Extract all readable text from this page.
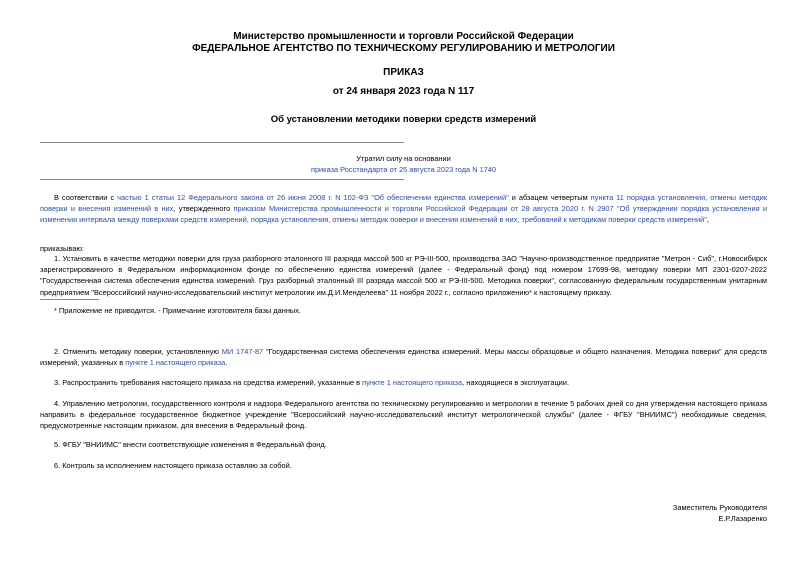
Министерство промышленности и торговли Российской Федерации
ФЕДЕРАЛЬНОЕ АГЕНТСТВО ПО ТЕХНИЧЕСКОМУ РЕГУЛИРОВАНИЮ И МЕТРОЛОГИИ
ПРИКАЗ
от 24 января 2023 года N 117
Об установлении методики поверки средств измерений
Утратил силу на основании
приказа Росстандарта от 25 августа 2023 года N 1740

В соответствии с частью 1 статьи 12 Федерального закона от 26 июня 2008 г. N 102-ФЗ "Об обеспечении единства измерений" и абзацем четвертым пункта 11 порядка установления, отмены методик поверки и внесения изменений в них, утвержденного приказом Министерства промышленности и торговли Российской Федерации от 28 августа 2020 г. N 2907 "Об утверждении порядка установления и изменения интервала между поверками средств измерений, порядка установления, отмены методик поверки и внесения изменений в них, требований к методикам поверки средств измерений",

приказываю:

1. Установить в качестве методики поверки для груза разборного эталонного III разряда массой 500 кг РЭ-III-500, производства ЗАО "Научно-производственное предприятие "Метрон - Сиб", г.Новосибирск зарегистрированного в Федеральном информационном фонде по обеспечению единства измерений (далее - Федеральный фонд) под номером 17699-98, методику поверки МП 2301-0207-2022 "Государственная система обеспечения единства измерений. Груз разборный эталонный III разряда массой 500 кг РЭ-III-500. Методика поверки", согласованную федеральным государственным унитарным предприятием "Всероссийский научно-исследовательский институт метрологии им.Д.И.Менделеева" 11 ноября 2022 г., согласно приложению* к настоящему приказу.

* Приложение не приводится. - Примечание изготовителя базы данных.

2. Отменить методику поверки, установленную МИ 1747-87 "Государственная система обеспечения единства измерений. Меры массы образцовые и общего назначения. Методика поверки" для средств измерений, указанных в пункте 1 настоящего приказа.

3. Распространить требования настоящего приказа на средства измерений, указанные в пункте 1 настоящего приказа, находящиеся в эксплуатации.

4. Управлению метрологии, государственного контроля и надзора Федерального агентства по техническому регулированию и метрологии в течение 5 рабочих дней со дня утверждения настоящего приказа направить в федеральное государственное бюджетное учреждение "Всероссийский научно-исследовательский институт метрологической службы" (далее - ФГБУ "ВНИИМС") необходимые сведения, предусмотренные настоящим приказом, для внесения в Федеральный фонд.

5. ФГБУ "ВНИИМС" внести соответствующие изменения в Федеральный фонд.

6. Контроль за исполнением настоящего приказа оставляю за собой.

Заместитель Руководителя
Е.Р.Лазаренко
